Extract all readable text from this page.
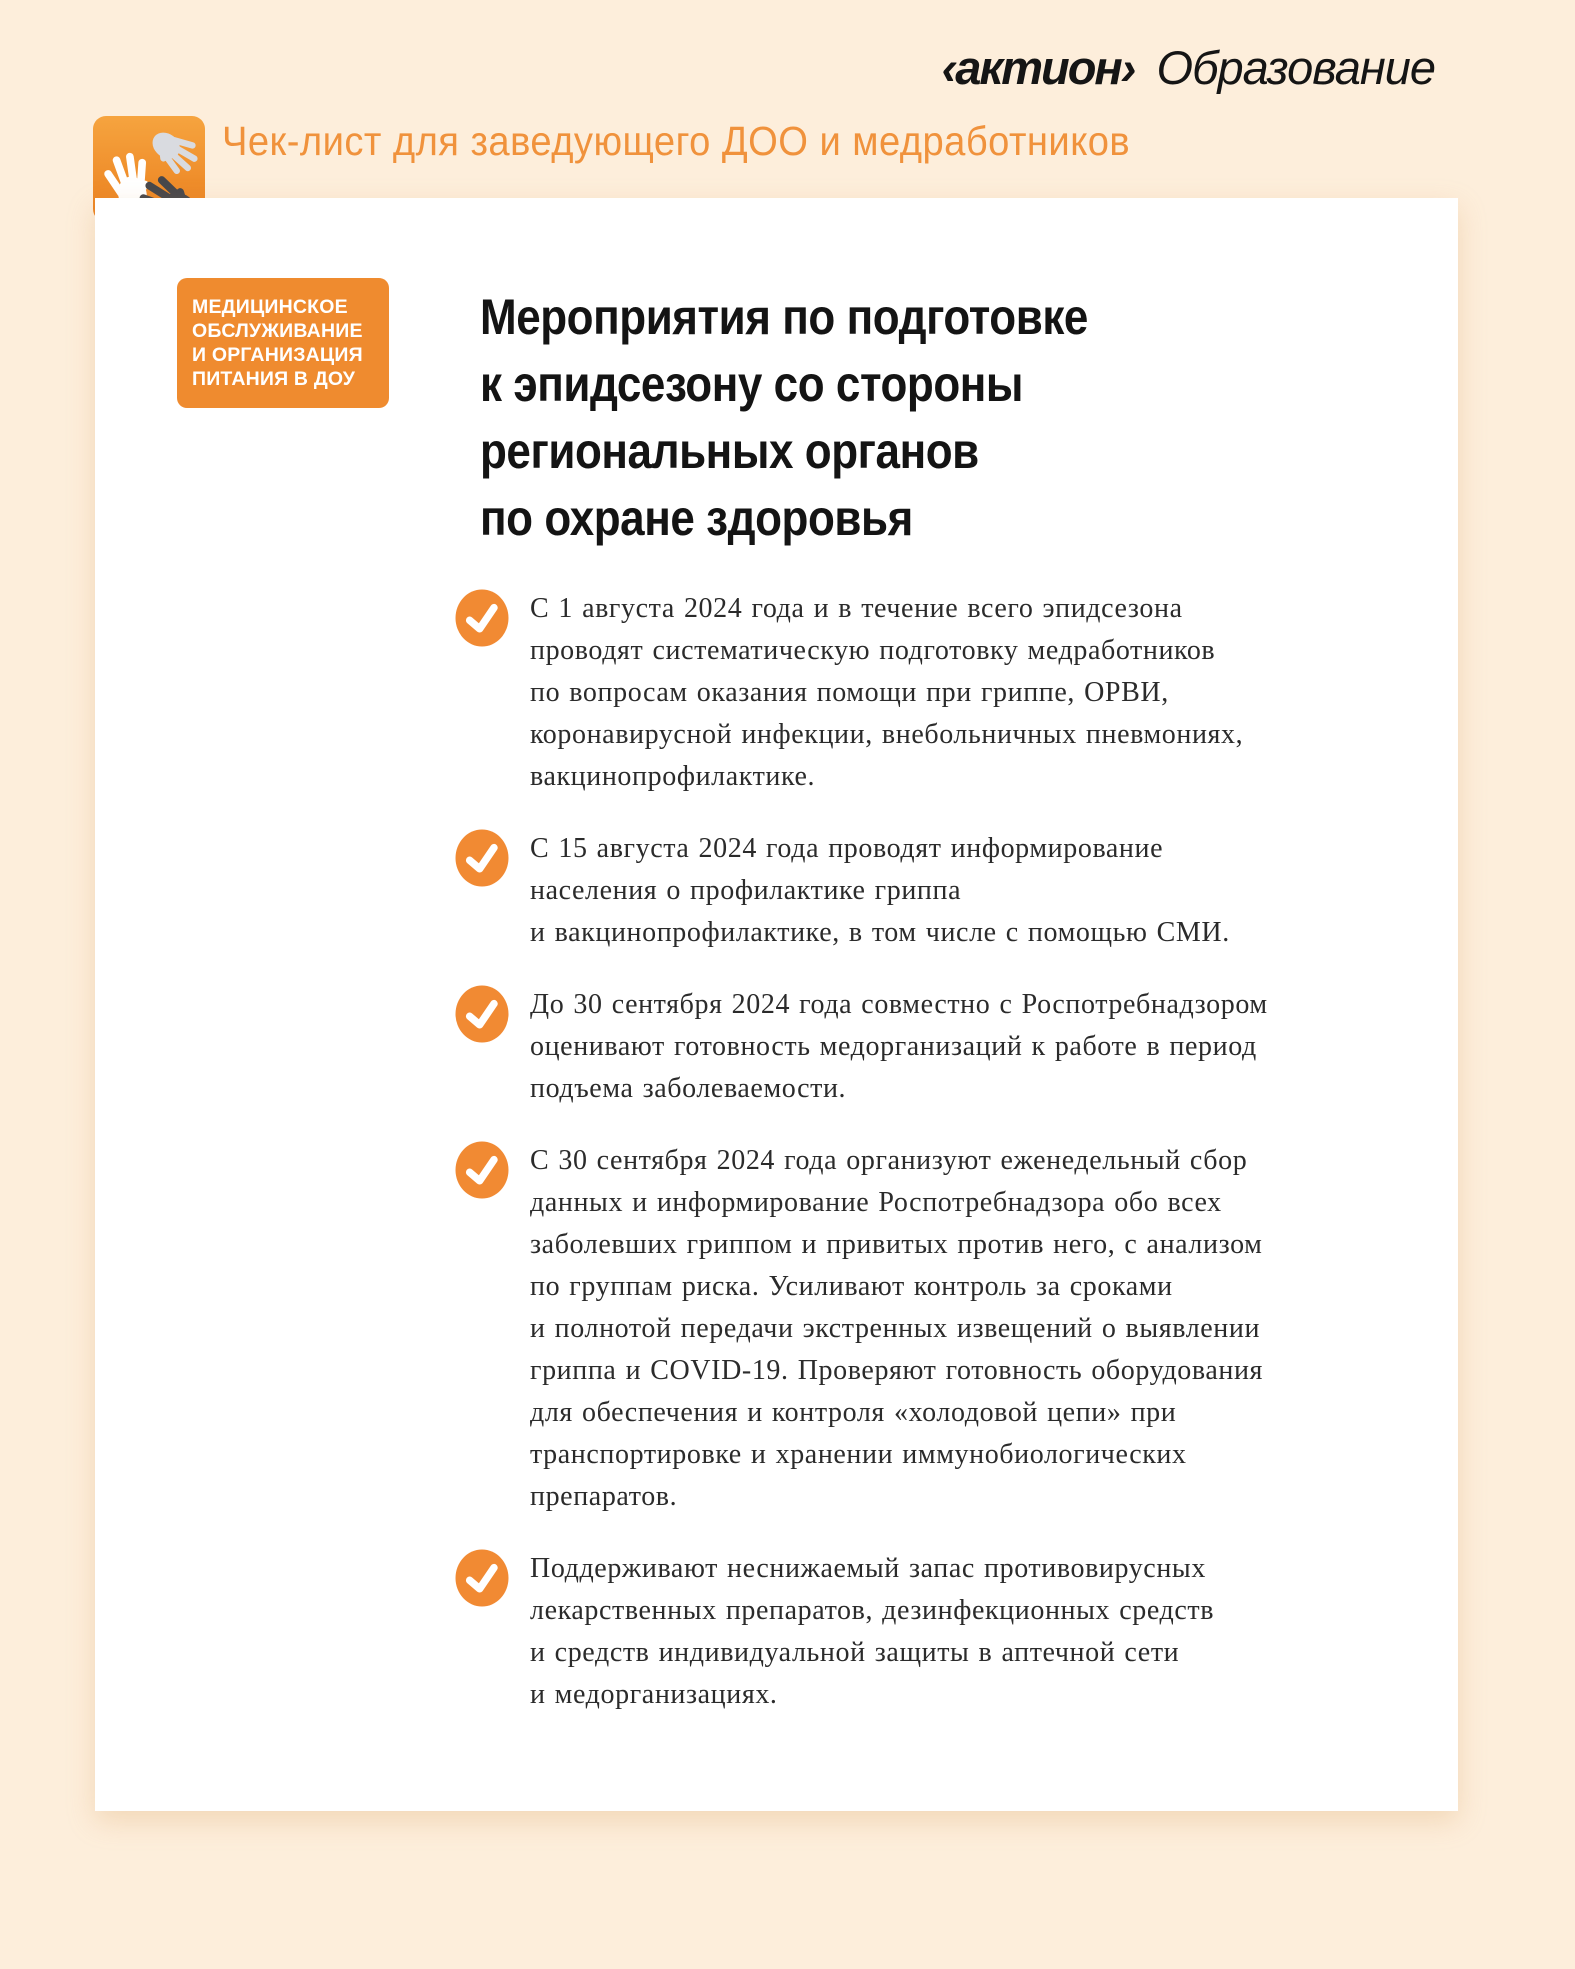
‹актион› Образование
Чек-лист для заведующего ДОО и медработников
МЕДИЦИНСКОЕ
ОБСЛУЖИВАНИЕ
И ОРГАНИЗАЦИЯ
ПИТАНИЯ В ДОУ
Мероприятия по подготовке
к эпидсезону со стороны
региональных органов
по охране здоровья
С 1 августа 2024 года и в течение всего эпидсезона
проводят систематическую подготовку медработников
по вопросам оказания помощи при гриппе, ОРВИ,
коронавирусной инфекции, внебольничных пневмониях,
вакцинопрофилактике.
С 15 августа 2024 года проводят информирование
населения о профилактике гриппа
и вакцинопрофилактике, в том числе с помощью СМИ.
До 30 сентября 2024 года совместно с Роспотребнадзором
оценивают готовность медорганизаций к работе в период
подъема заболеваемости.
С 30 сентября 2024 года организуют еженедельный сбор
данных и информирование Роспотребнадзора обо всех
заболевших гриппом и привитых против него, с анализом
по группам риска. Усиливают контроль за сроками
и полнотой передачи экстренных извещений о выявлении
гриппа и COVID-19. Проверяют готовность оборудования
для обеспечения и контроля «холодовой цепи» при
транспортировке и хранении иммунобиологических
препаратов.
Поддерживают неснижаемый запас противовирусных
лекарственных препаратов, дезинфекционных средств
и средств индивидуальной защиты в аптечной сети
и медорганизациях.
